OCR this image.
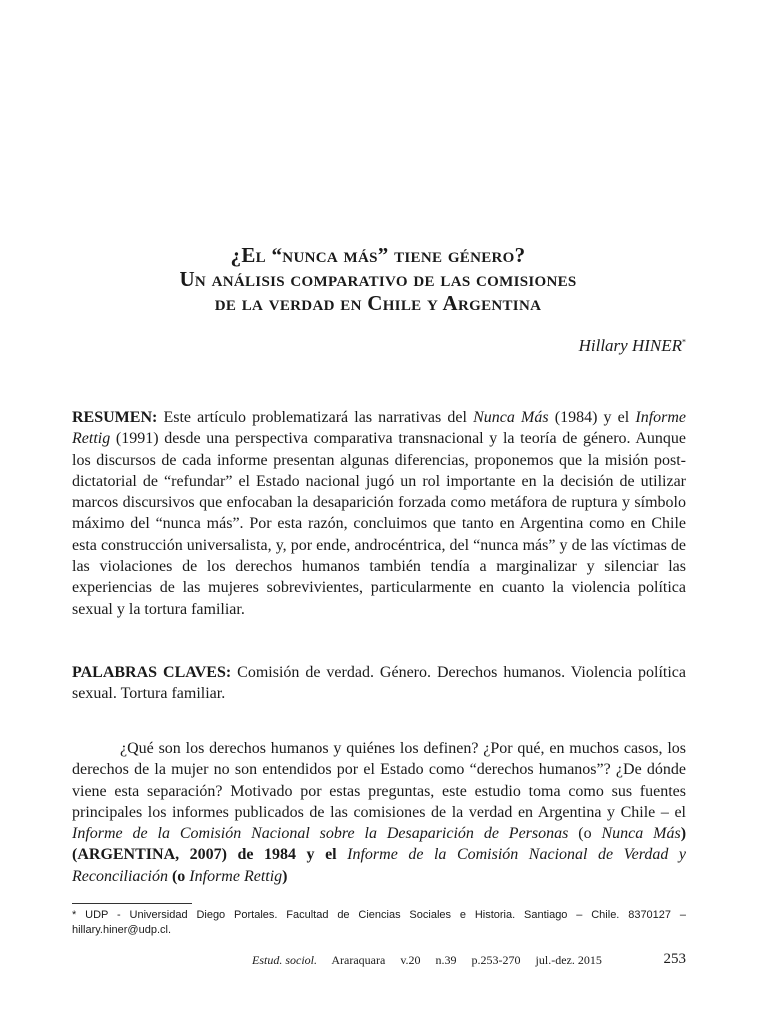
¿El “nunca más” tiene género?
Un análisis comparativo de las comisiones
de la verdad en Chile y Argentina
Hillary HINER*

RESUMEN: Este artículo problematizará las narrativas del Nunca Más (1984) y el Informe Rettig (1991) desde una perspectiva comparativa transnacional y la teoría de género. Aunque los discursos de cada informe presentan algunas diferencias, proponemos que la misión post-dictatorial de “refundar” el Estado nacional jugó un rol importante en la decisión de utilizar marcos discursivos que enfocaban la desaparición forzada como metáfora de ruptura y símbolo máximo del “nunca más”. Por esta razón, concluimos que tanto en Argentina como en Chile esta construcción universalista, y, por ende, androcéntrica, del “nunca más” y de las víctimas de las violaciones de los derechos humanos también tendía a marginalizar y silenciar las experiencias de las mujeres sobrevivientes, particularmente en cuanto la violencia política sexual y la tortura familiar.

PALABRAS CLAVES: Comisión de verdad. Género. Derechos humanos. Violencia política sexual. Tortura familiar.

¿Qué son los derechos humanos y quiénes los definen? ¿Por qué, en muchos casos, los derechos de la mujer no son entendidos por el Estado como “derechos humanos”? ¿De dónde viene esta separación? Motivado por estas preguntas, este estudio toma como sus fuentes principales los informes publicados de las comisiones de la verdad en Argentina y Chile – el Informe de la Comisión Nacional sobre la Desaparición de Personas (o Nunca Más) (ARGENTINA, 2007) de 1984 y el Informe de la Comisión Nacional de Verdad y Reconciliación (o Informe Rettig)

* UDP - Universidad Diego Portales. Facultad de Ciencias Sociales e Historia. Santiago – Chile. 8370127 – hillary.hiner@udp.cl.
Estud. sociol. Araraquara v.20 n.39 p.253-270 jul.-dez. 2015	253
